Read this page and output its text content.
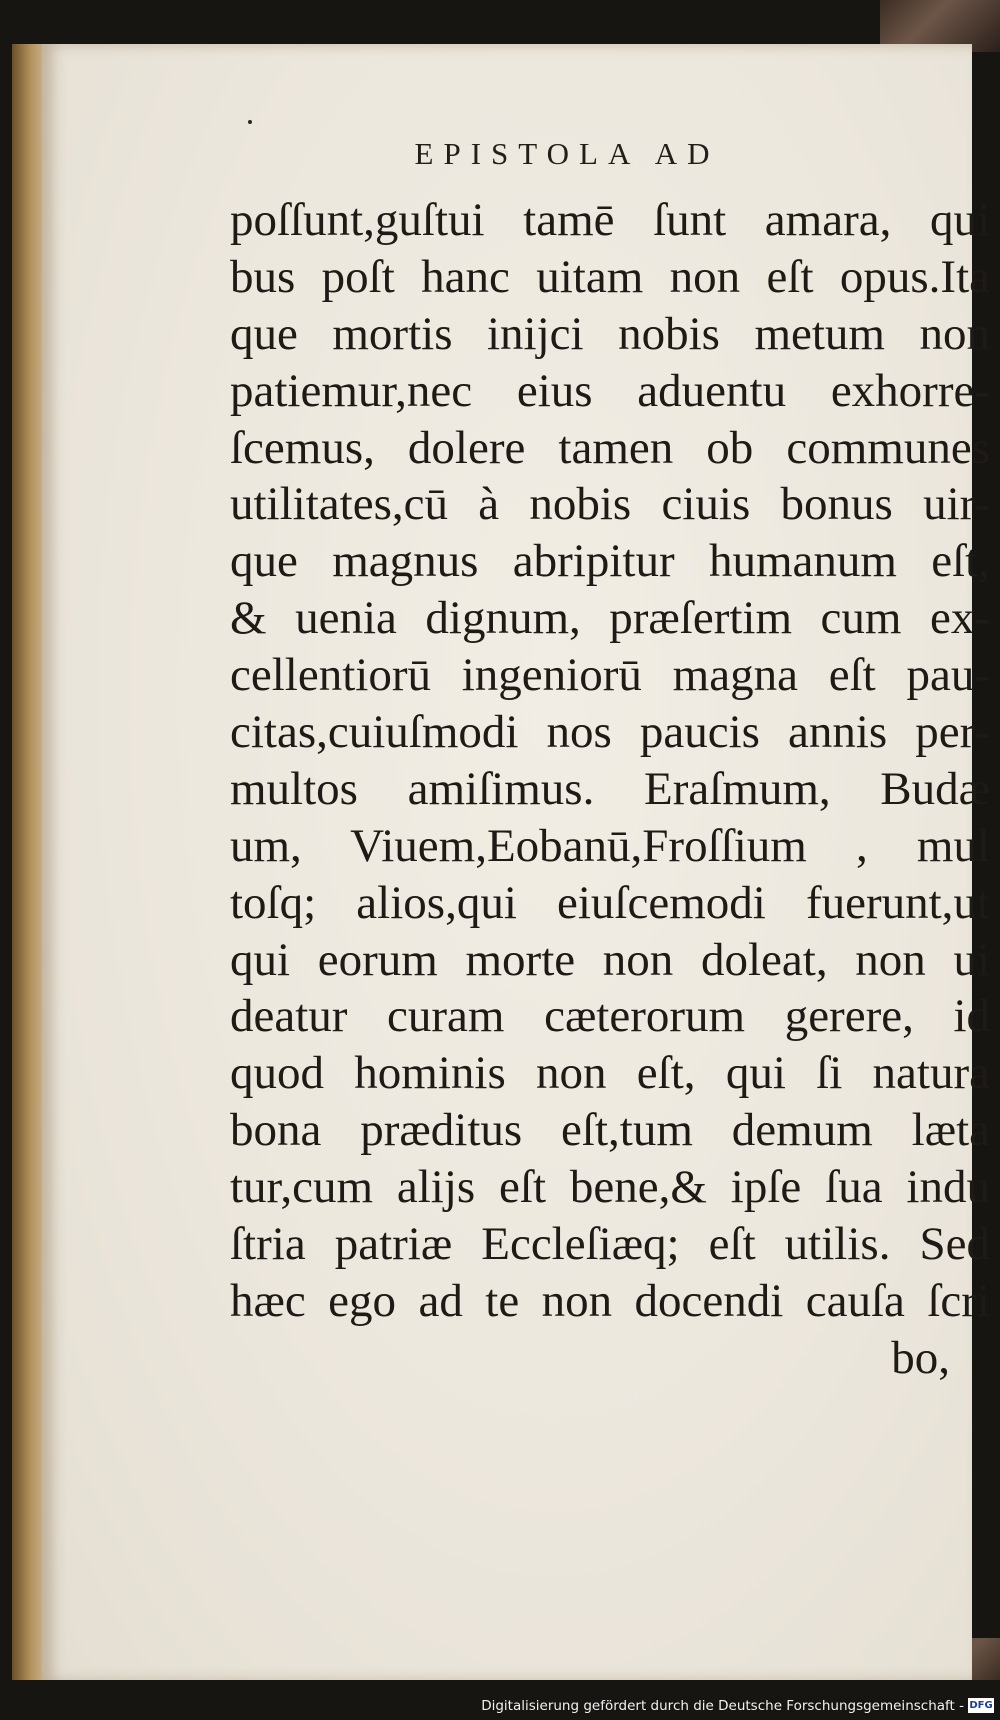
EPISTOLA AD
poſſunt,guſtui tamē ſunt amara, qui
bus poſt hanc uitam non eſt opus.Ita
que mortis inijci nobis metum non
patiemur,nec eius aduentu exhorre-
ſcemus, dolere tamen ob communes
utilitates,cū à nobis ciuis bonus uir-
que magnus abripitur humanum eſt,
& uenia dignum, præſertim cum ex-
cellentiorū ingeniorū magna eſt pau-
citas,cuiuſmodi nos paucis annis per-
multos amiſimus. Eraſmum, Budæ
um, Viuem,Eobanū,Froſſium , mul
toſq; alios,qui eiuſcemodi fuerunt,ut
qui eorum morte non doleat, non ui
deatur curam cæterorum gerere, id
quod hominis non eſt, qui ſi natura
bona præditus eſt,tum demum læta
tur,cum alijs eſt bene,& ipſe ſua indu
ſtria patriæ Eccleſiæq; eſt utilis. Sed
hæc ego ad te non docendi cauſa ſcri
bo,
Digitalisierung gefördert durch die Deutsche Forschungsgemeinschaft - DFG
